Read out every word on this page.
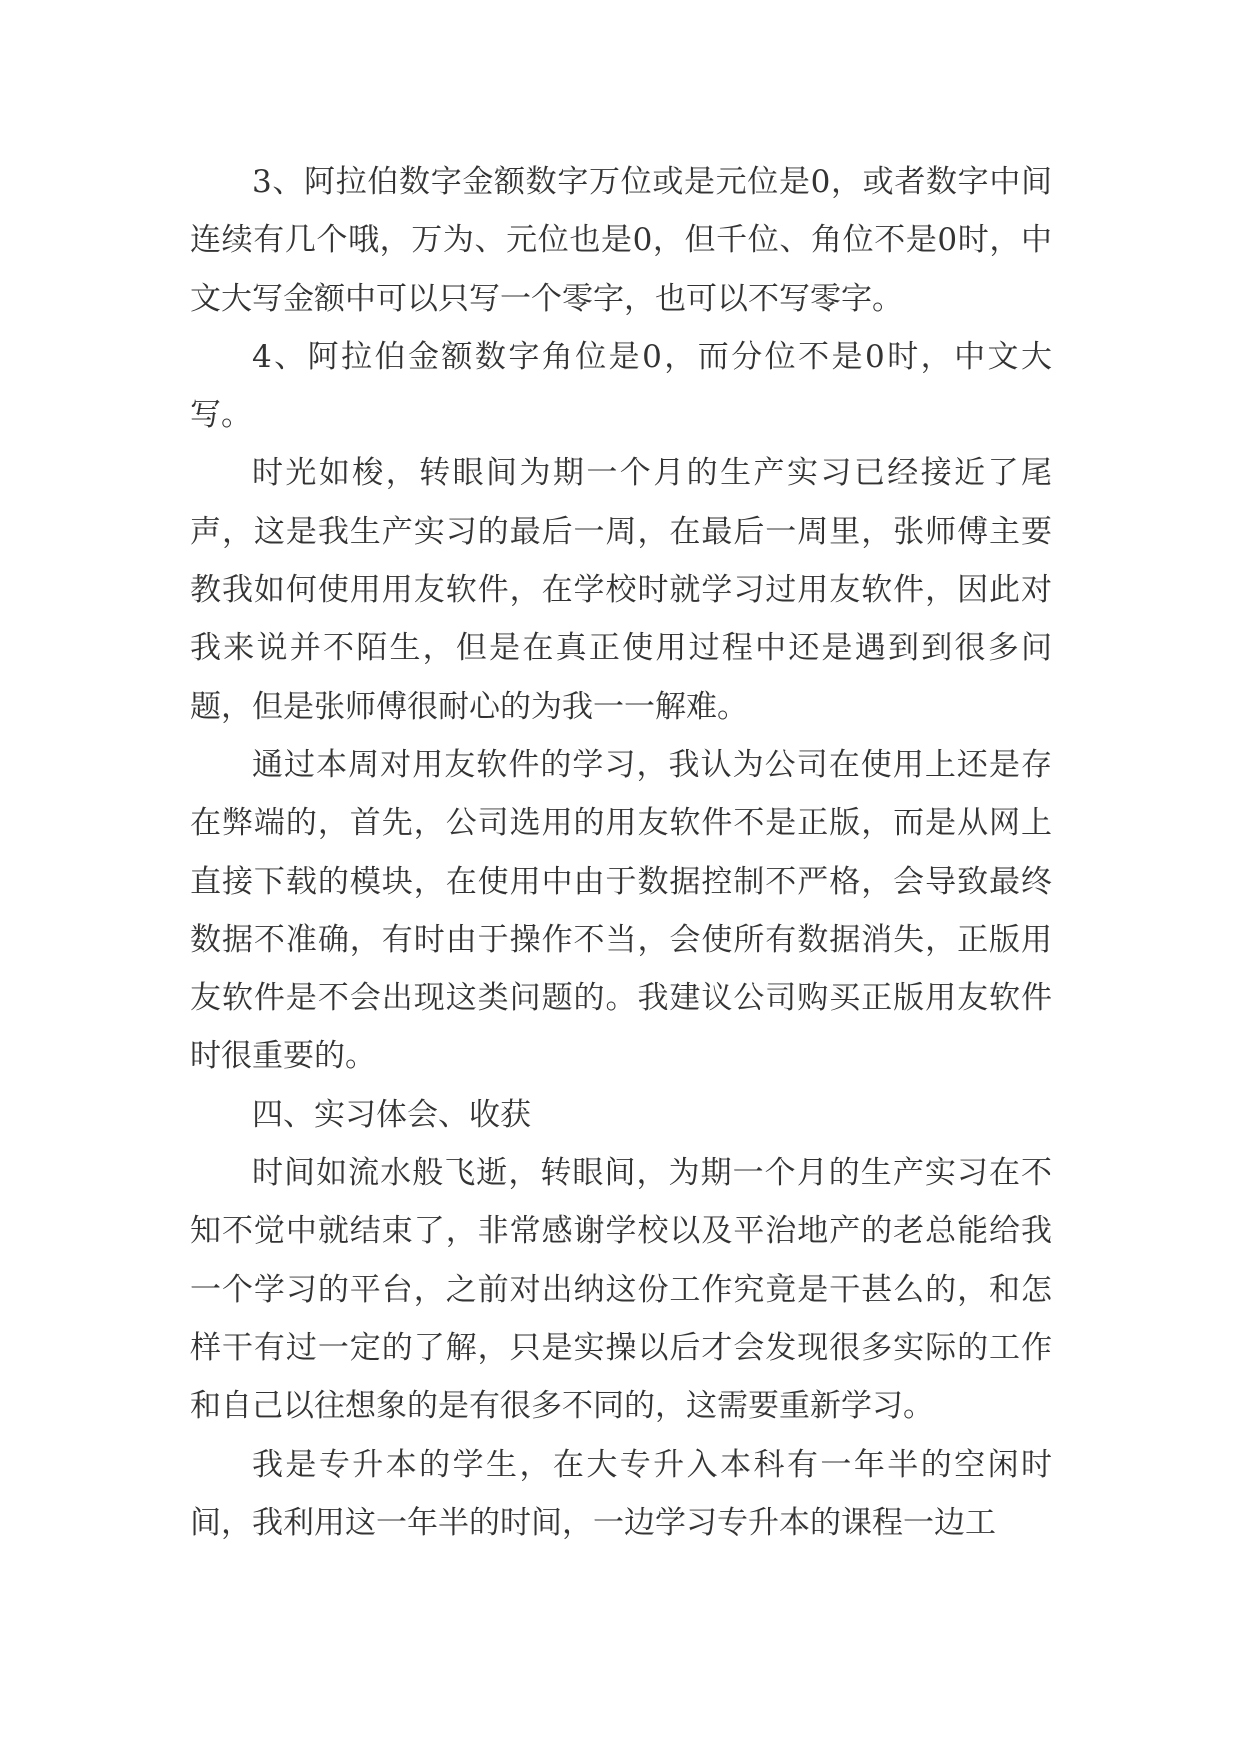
3、阿拉伯数字金额数字万位或是元位是0，或者数字中间连续有几个哦，万为、元位也是0，但千位、角位不是0时，中文大写金额中可以只写一个零字，也可以不写零字。

4、阿拉伯金额数字角位是0，而分位不是0时，中文大写。

时光如梭，转眼间为期一个月的生产实习已经接近了尾声，这是我生产实习的最后一周，在最后一周里，张师傅主要教我如何使用用友软件，在学校时就学习过用友软件，因此对我来说并不陌生，但是在真正使用过程中还是遇到到很多问题，但是张师傅很耐心的为我一一解难。

通过本周对用友软件的学习，我认为公司在使用上还是存在弊端的，首先，公司选用的用友软件不是正版，而是从网上直接下载的模块，在使用中由于数据控制不严格，会导致最终数据不准确，有时由于操作不当，会使所有数据消失，正版用友软件是不会出现这类问题的。我建议公司购买正版用友软件时很重要的。

四、实习体会、收获

时间如流水般飞逝，转眼间，为期一个月的生产实习在不知不觉中就结束了，非常感谢学校以及平治地产的老总能给我一个学习的平台，之前对出纳这份工作究竟是干甚么的，和怎样干有过一定的了解，只是实操以后才会发现很多实际的工作和自己以往想象的是有很多不同的，这需要重新学习。

我是专升本的学生，在大专升入本科有一年半的空闲时间，我利用这一年半的时间，一边学习专升本的课程一边工
